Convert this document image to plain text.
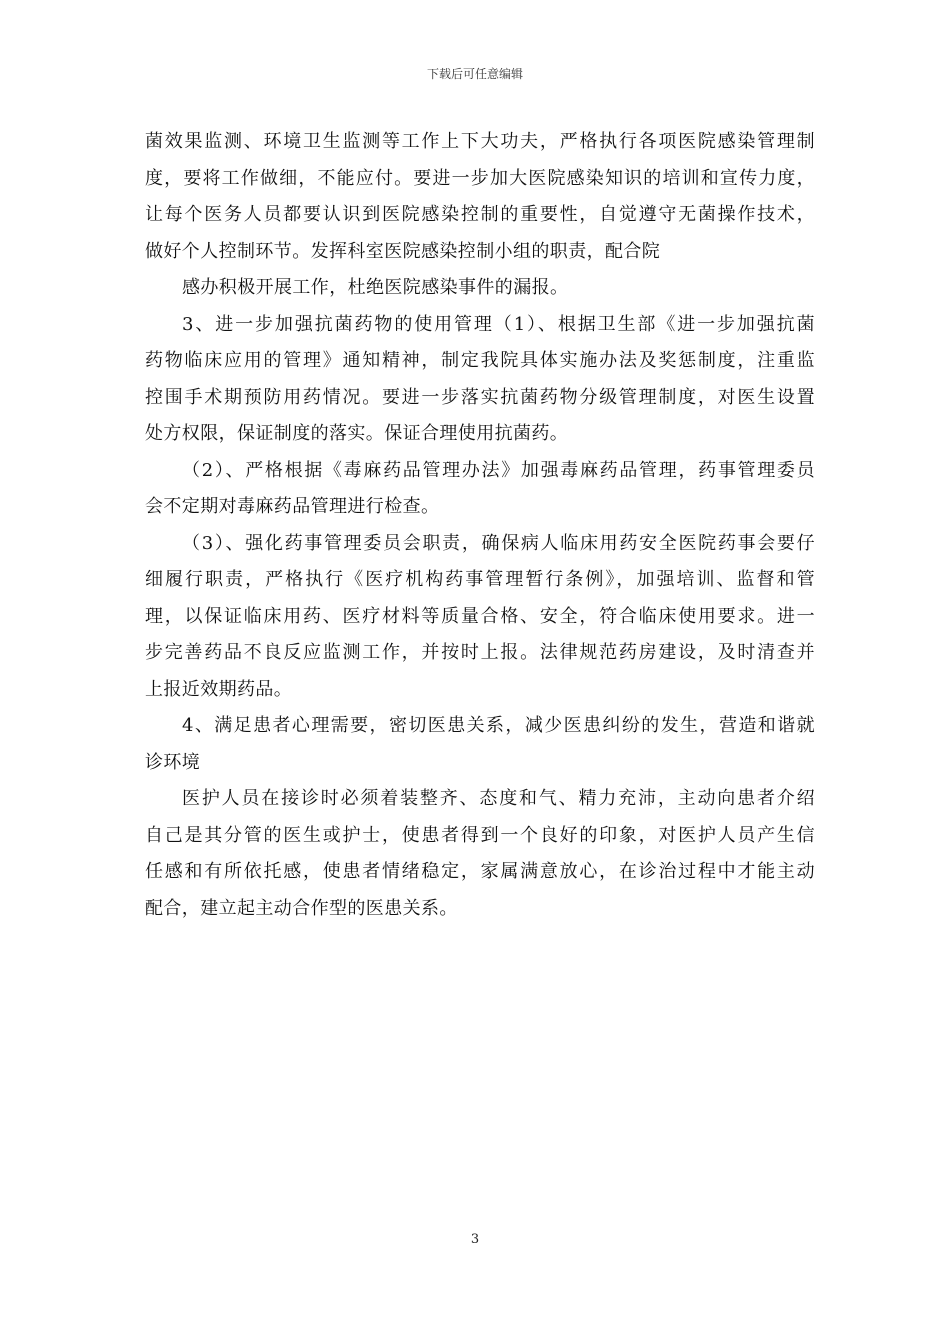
下载后可任意编辑

菌效果监测、环境卫生监测等工作上下大功夫，严格执行各项医院感染管理制
度，要将工作做细，不能应付。要进一步加大医院感染知识的培训和宣传力度，
让每个医务人员都要认识到医院感染控制的重要性，自觉遵守无菌操作技术，
做好个人控制环节。发挥科室医院感染控制小组的职责，配合院

感办积极开展工作，杜绝医院感染事件的漏报。

3、进一步加强抗菌药物的使用管理（1）、根据卫生部《进一步加强抗菌
药物临床应用的管理》通知精神，制定我院具体实施办法及奖惩制度，注重监
控围手术期预防用药情况。要进一步落实抗菌药物分级管理制度，对医生设置
处方权限，保证制度的落实。保证合理使用抗菌药。

（2）、严格根据《毒麻药品管理办法》加强毒麻药品管理，药事管理委员
会不定期对毒麻药品管理进行检查。

（3）、强化药事管理委员会职责，确保病人临床用药安全医院药事会要仔
细履行职责，严格执行《医疗机构药事管理暂行条例》，加强培训、监督和管
理，以保证临床用药、医疗材料等质量合格、安全，符合临床使用要求。进一
步完善药品不良反应监测工作，并按时上报。法律规范药房建设，及时清查并
上报近效期药品。

4、满足患者心理需要，密切医患关系，减少医患纠纷的发生，营造和谐就
诊环境

医护人员在接诊时必须着装整齐、态度和气、精力充沛，主动向患者介绍
自己是其分管的医生或护士，使患者得到一个良好的印象，对医护人员产生信
任感和有所依托感，使患者情绪稳定，家属满意放心，在诊治过程中才能主动
配合，建立起主动合作型的医患关系。

3
